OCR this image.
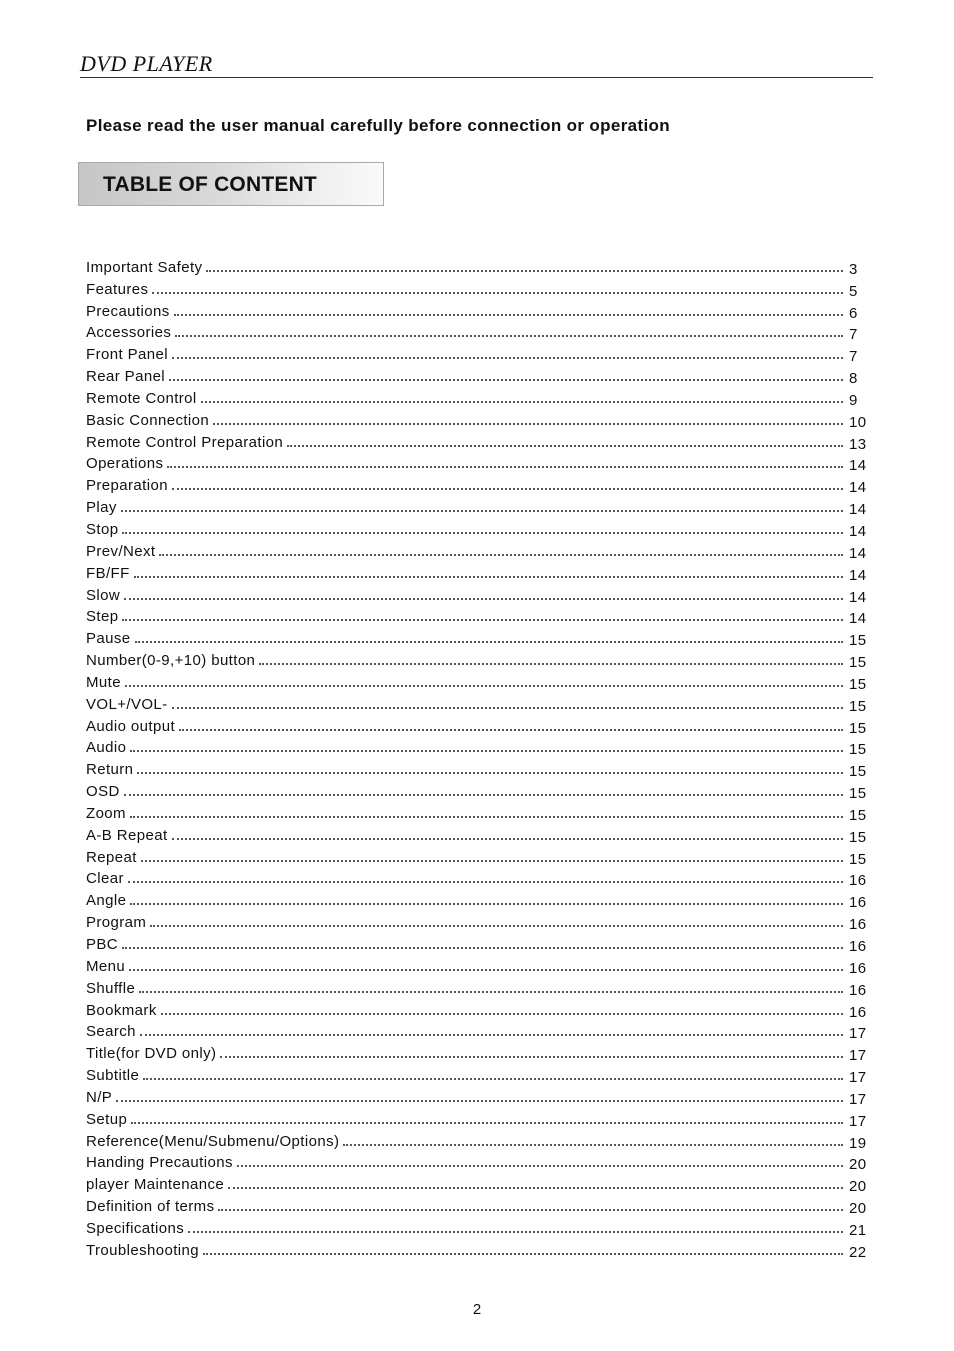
DVD PLAYER
Please read the user manual carefully before connection or operation
TABLE OF CONTENT
Important Safety	3
Features	5
Precautions	6
Accessories	7
Front Panel	7
Rear Panel	8
Remote Control	9
Basic Connection	10
Remote Control Preparation	13
Operations	14
Preparation	14
Play	14
Stop	14
Prev/Next	14
FB/FF	14
Slow	14
Step	14
Pause	15
Number(0-9,+10) button	15
Mute	15
VOL+/VOL-	15
Audio output	15
Audio	15
Return	15
OSD	15
Zoom	15
A-B Repeat	15
Repeat	15
Clear	16
Angle	16
Program	16
PBC	16
Menu	16
Shuffle	16
Bookmark	16
Search	17
Title(for DVD only)	17
Subtitle	17
N/P	17
Setup	17
Reference(Menu/Submenu/Options)	19
Handing Precautions	20
player Maintenance	20
Definition of terms	20
Specifications	21
Troubleshooting	22
2
